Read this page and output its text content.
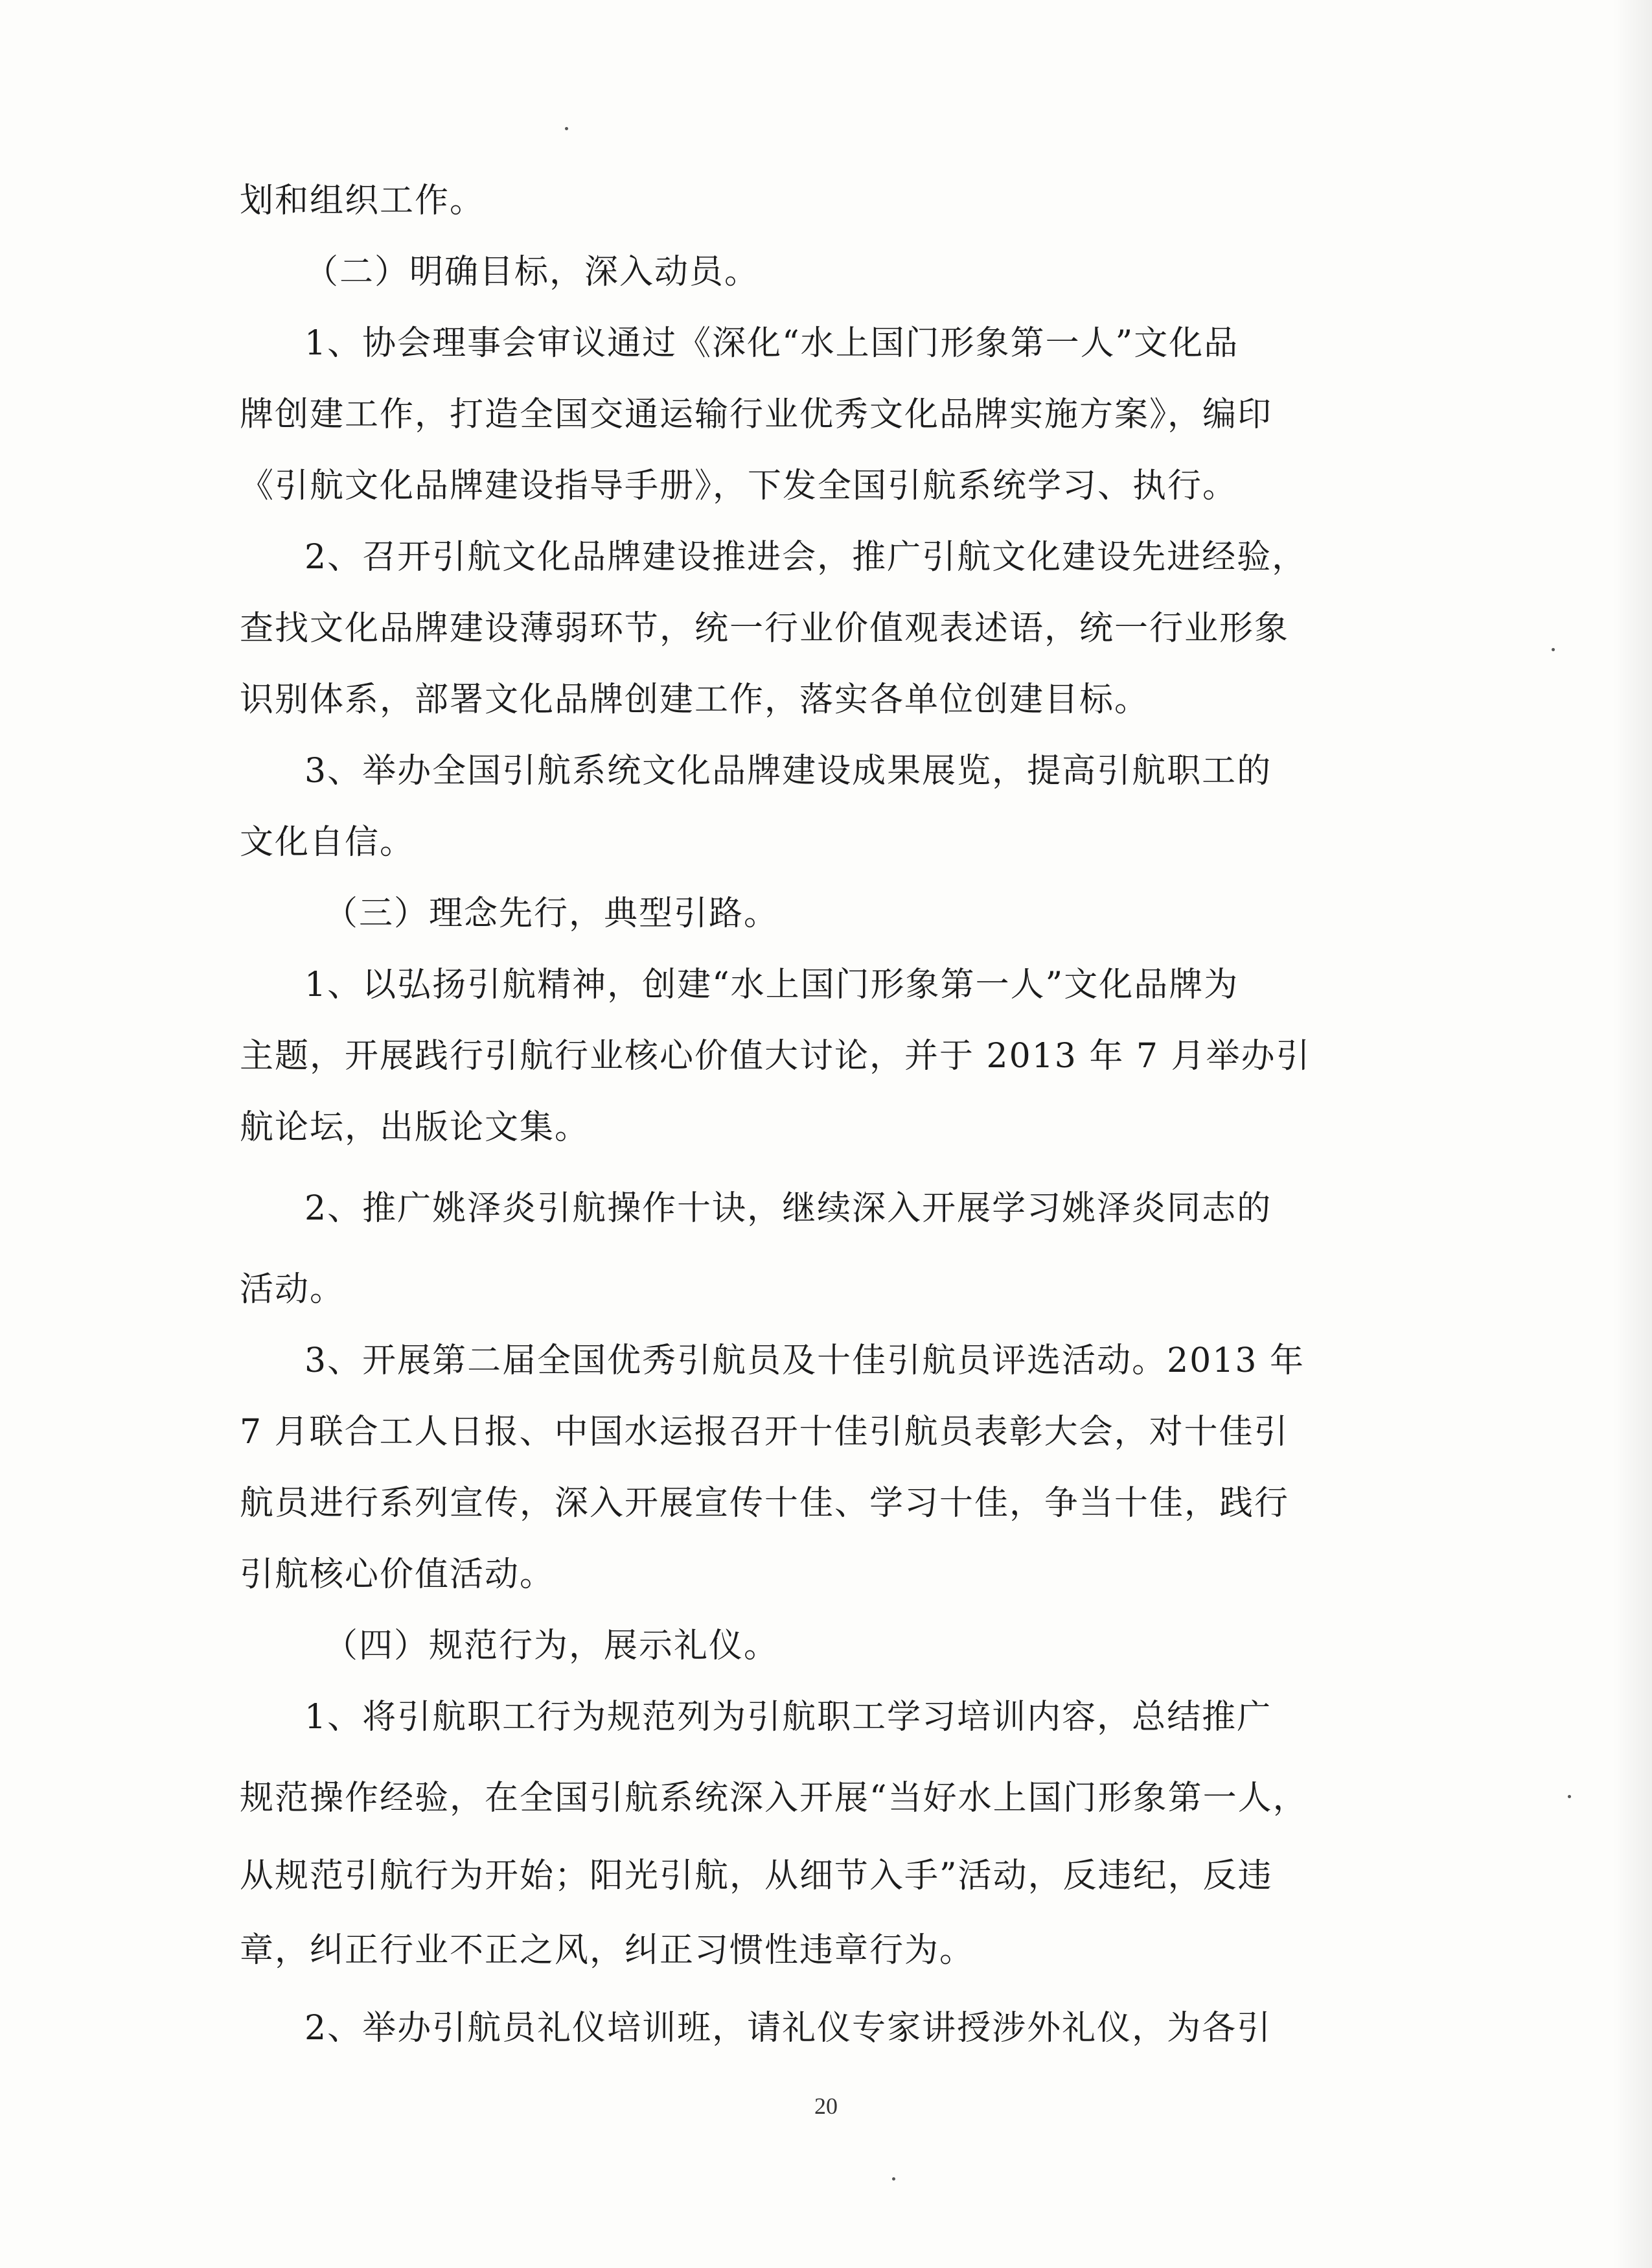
划和组织工作。
（二）明确目标，深入动员。
1、协会理事会审议通过《深化“水上国门形象第一人”文化品
牌创建工作，打造全国交通运输行业优秀文化品牌实施方案》，编印
《引航文化品牌建设指导手册》，下发全国引航系统学习、执行。
2、召开引航文化品牌建设推进会，推广引航文化建设先进经验，
查找文化品牌建设薄弱环节，统一行业价值观表述语，统一行业形象
识别体系，部署文化品牌创建工作，落实各单位创建目标。
3、举办全国引航系统文化品牌建设成果展览，提高引航职工的
文化自信。
（三）理念先行，典型引路。
1、以弘扬引航精神，创建“水上国门形象第一人”文化品牌为
主题，开展践行引航行业核心价值大讨论，并于 2013 年 7 月举办引
航论坛，出版论文集。
2、推广姚泽炎引航操作十诀，继续深入开展学习姚泽炎同志的
活动。
3、开展第二届全国优秀引航员及十佳引航员评选活动。2013 年
7 月联合工人日报、中国水运报召开十佳引航员表彰大会，对十佳引
航员进行系列宣传，深入开展宣传十佳、学习十佳，争当十佳，践行
引航核心价值活动。
（四）规范行为，展示礼仪。
1、将引航职工行为规范列为引航职工学习培训内容，总结推广
规范操作经验，在全国引航系统深入开展“当好水上国门形象第一人，
从规范引航行为开始；阳光引航，从细节入手”活动，反违纪，反违
章，纠正行业不正之风，纠正习惯性违章行为。
2、举办引航员礼仪培训班，请礼仪专家讲授涉外礼仪，为各引
20
